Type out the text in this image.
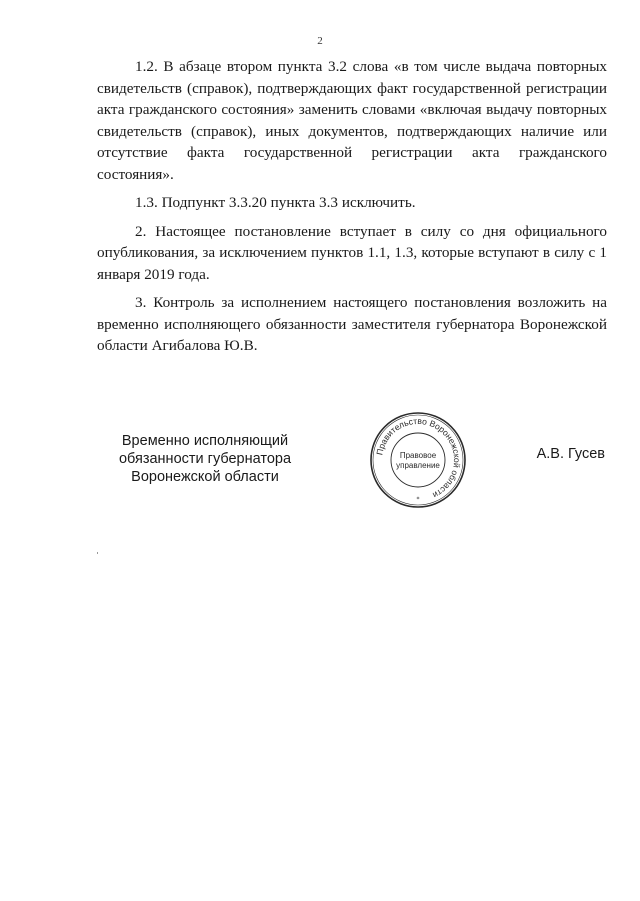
2

1.2. В абзаце втором пункта 3.2 слова «в том числе выдача повторных свидетельств (справок), подтверждающих факт государственной регистрации акта гражданского состояния» заменить словами «включая выдачу повторных свидетельств (справок), иных документов, подтверждающих наличие или отсутствие факта государственной регистрации акта гражданского состояния».

1.3. Подпункт 3.3.20 пункта 3.3 исключить.

2. Настоящее постановление вступает в силу со дня официального опубликования, за исключением пунктов 1.1, 1.3, которые вступают в силу с 1 января 2019 года.

3. Контроль за исполнением настоящего постановления возложить на временно исполняющего обязанности заместителя губернатора Воронежской области Агибалова Ю.В.

Временно исполняющий
обязанности губернатора
Воронежской области
Правительство Воронежской области
Правовое
управление
*
А.В. Гусев
